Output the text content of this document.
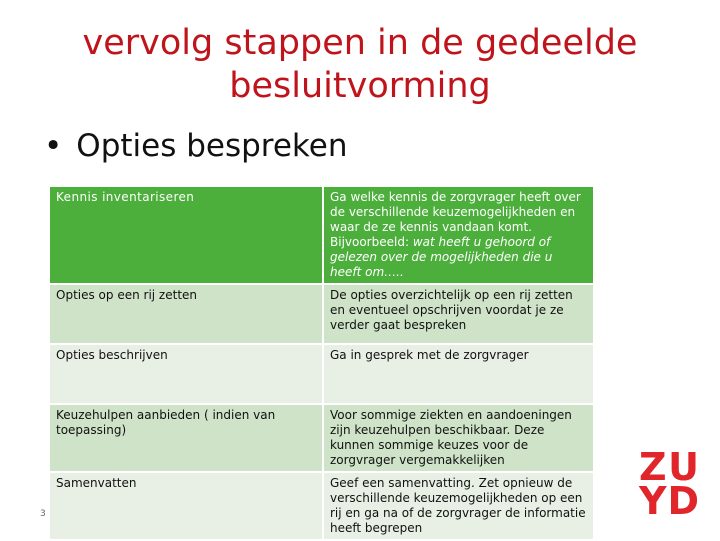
vervolg stappen in de gedeelde
besluitvorming
• Opties bespreken
Kennis inventariseren	Ga welke kennis de zorgvrager heeft over
de verschillende keuzemogelijkheden en
waar de ze kennis vandaan komt.
Bijvoorbeeld: wat heeft u gehoord of gelezen over de mogelijkheden die u heeft om…..
Opties op een rij zetten	De opties overzichtelijk op een rij zetten en eventueel opschrijven voordat je ze verder gaat bespreken
Opties beschrijven	Ga in gesprek met de zorgvrager
Keuzehulpen aanbieden ( indien van toepassing)	Voor sommige ziekten en aandoeningen zijn keuzehulpen beschikbaar. Deze kunnen sommige keuzes voor de zorgvrager vergemakkelijken
Samenvatten	Geef een samenvatting. Zet opnieuw de verschillende keuzemogelijkheden op een rij en ga na of de zorgvrager de informatie heeft begrepen
3
Z U
Y D
